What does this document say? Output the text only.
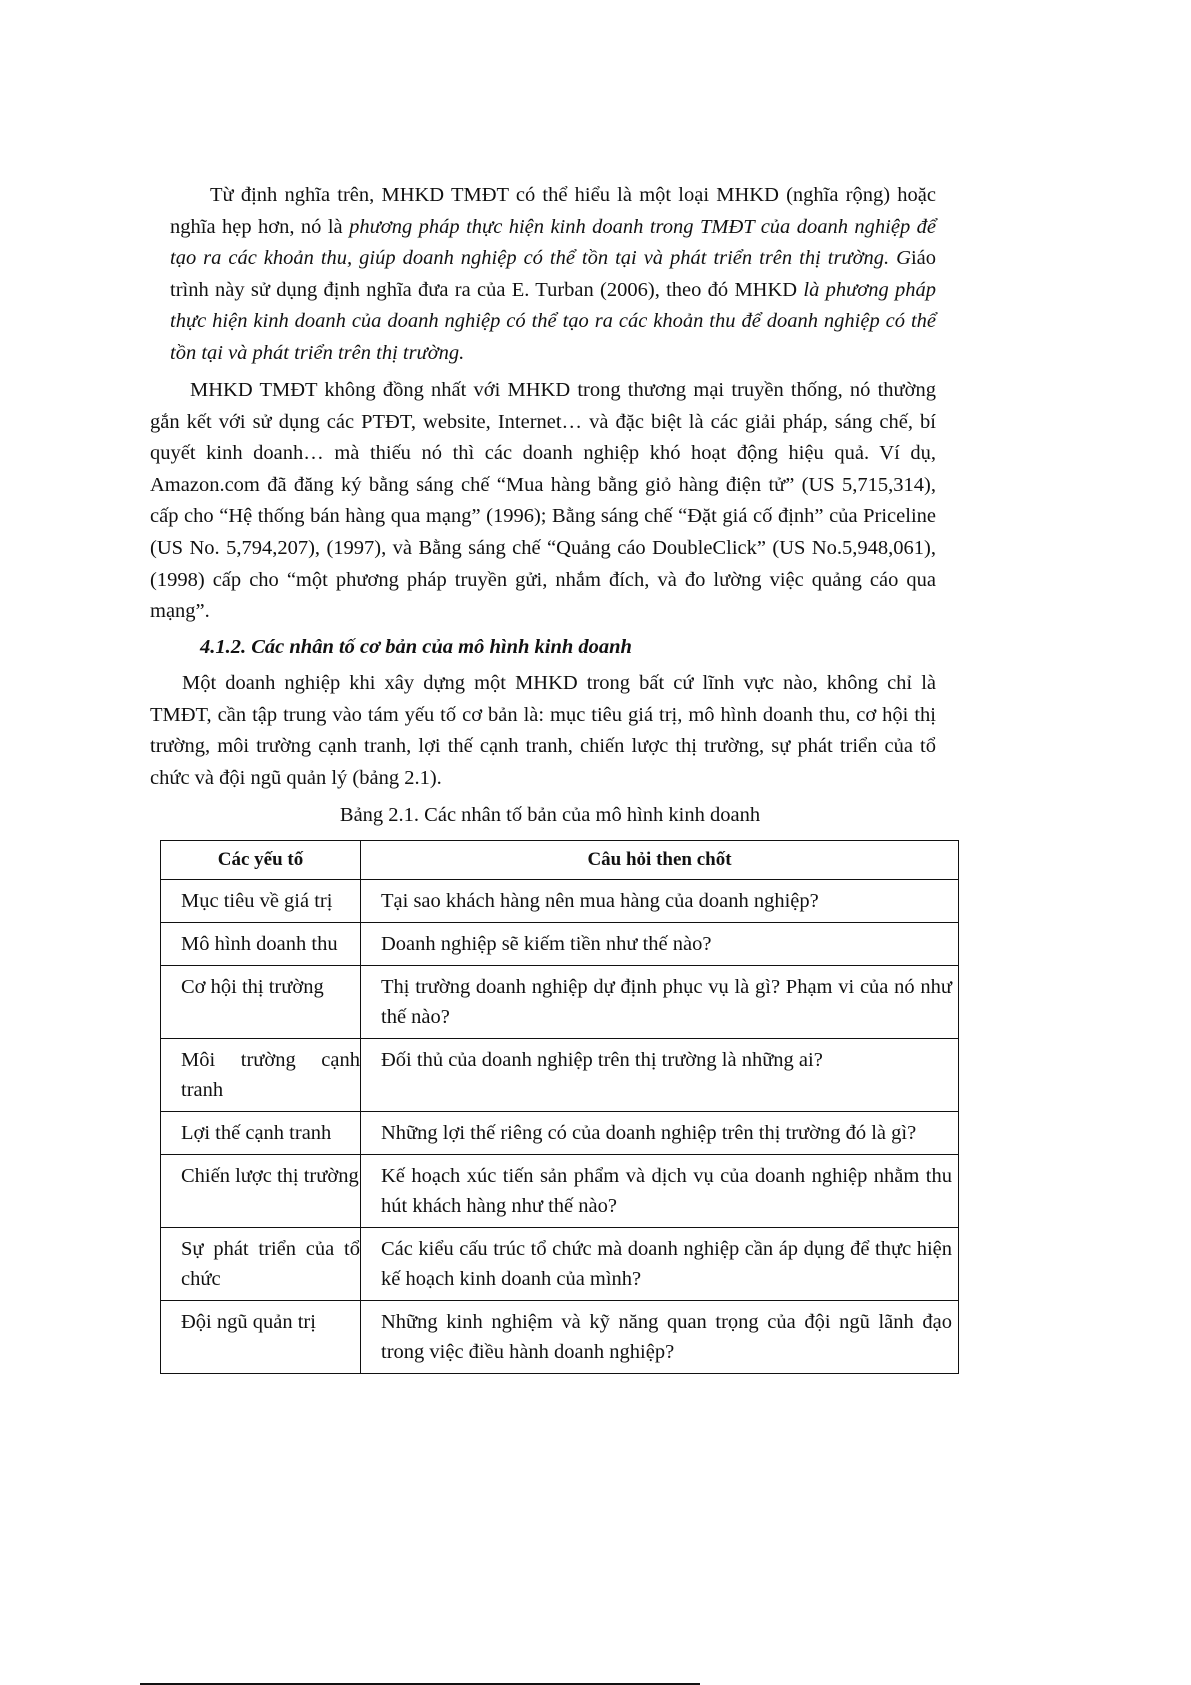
Từ định nghĩa trên, MHKD TMĐT có thể hiểu là một loại MHKD (nghĩa rộng) hoặc nghĩa hẹp hơn, nó là phương pháp thực hiện kinh doanh trong TMĐT của doanh nghiệp để tạo ra các khoản thu, giúp doanh nghiệp có thể tồn tại và phát triển trên thị trường. Giáo trình này sử dụng định nghĩa đưa ra của E. Turban (2006), theo đó MHKD là phương pháp thực hiện kinh doanh của doanh nghiệp có thể tạo ra các khoản thu để doanh nghiệp có thể tồn tại và phát triển trên thị trường.
MHKD TMĐT không đồng nhất với MHKD trong thương mại truyền thống, nó thường gắn kết với sử dụng các PTĐT, website, Internet… và đặc biệt là các giải pháp, sáng chế, bí quyết kinh doanh… mà thiếu nó thì các doanh nghiệp khó hoạt động hiệu quả. Ví dụ, Amazon.com đã đăng ký bằng sáng chế “Mua hàng bằng giỏ hàng điện tử” (US 5,715,314), cấp cho “Hệ thống bán hàng qua mạng” (1996); Bằng sáng chế “Đặt giá cố định” của Priceline (US No. 5,794,207), (1997), và Bằng sáng chế “Quảng cáo DoubleClick” (US No.5,948,061), (1998) cấp cho “một phương pháp truyền gửi, nhắm đích, và đo lường việc quảng cáo qua mạng”.
4.1.2. Các nhân tố cơ bản của mô hình kinh doanh
Một doanh nghiệp khi xây dựng một MHKD trong bất cứ lĩnh vực nào, không chỉ là TMĐT, cần tập trung vào tám yếu tố cơ bản là: mục tiêu giá trị, mô hình doanh thu, cơ hội thị trường, môi trường cạnh tranh, lợi thế cạnh tranh, chiến lược thị trường, sự phát triển của tổ chức và đội ngũ quản lý (bảng 2.1).
Bảng 2.1. Các nhân tố bản của mô hình kinh doanh
Các yếu tố	Câu hỏi then chốt
Mục tiêu về giá trị	Tại sao khách hàng nên mua hàng của doanh nghiệp?
Mô hình doanh thu	Doanh nghiệp sẽ kiếm tiền như thế nào?
Cơ hội thị trường	Thị trường doanh nghiệp dự định phục vụ là gì? Phạm vi của nó như thế nào?
Môi trường cạnh tranh	Đối thủ của doanh nghiệp trên thị trường là những ai?
Lợi thế cạnh tranh	Những lợi thế riêng có của doanh nghiệp trên thị trường đó là gì?
Chiến lược thị trường	Kế hoạch xúc tiến sản phẩm và dịch vụ của doanh nghiệp nhằm thu hút khách hàng như thế nào?
Sự phát triển của tổ chức	Các kiểu cấu trúc tổ chức mà doanh nghiệp cần áp dụng để thực hiện kế hoạch kinh doanh của mình?
Đội ngũ quản trị	Những kinh nghiệm và kỹ năng quan trọng của đội ngũ lãnh đạo trong việc điều hành doanh nghiệp?
